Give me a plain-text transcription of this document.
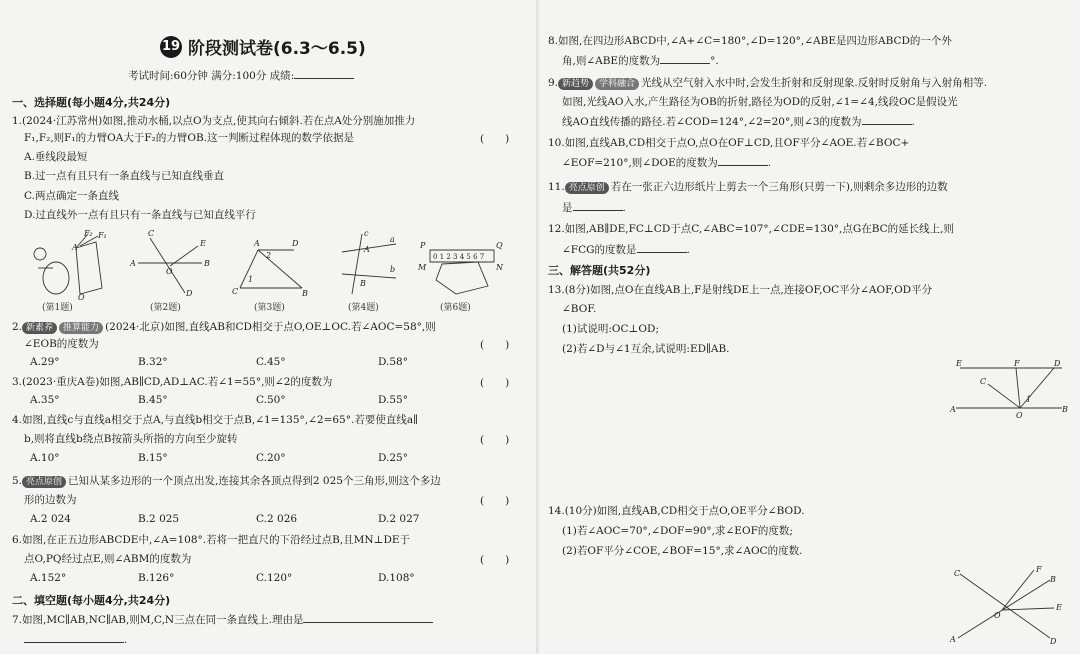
19 阶段测试卷(6.3～6.5)
考试时间:60分钟 满分:100分 成绩:
一、选择题(每小题4分,共24分)
1.(2024·江苏常州)如图,推动水桶,以点O为支点,使其向右倾斜.若在点A处分别施加推力
F₁,F₂,则F₁的力臂OA大于F₂的力臂OB.这一判断过程体现的数学依据是	(　　)
A.垂线段最短
B.过一点有且只有一条直线与已知直线垂直
C.两点确定一条直线
D.过直线外一点有且只有一条直线与已知直线平行
F₂ F₁
A
O
C
E
A	B
O
D
A	D
C	B
1
2
a
b
c
A
B
0 1 2 3 4 5 6 7
P	Q
M	N
(第1题)	(第2题)	(第3题)	(第4题)	(第6题)
2. 新素养 推算能力 (2024·北京)如图,直线AB和CD相交于点O,OE⊥OC.若∠AOC=58°,则
∠EOB的度数为	(　　)
A.29°	B.32°	C.45°	D.58°
3.(2023·重庆A卷)如图,AB∥CD,AD⊥AC.若∠1=55°,则∠2的度数为	(　　)
A.35°	B.45°	C.50°	D.55°
4.如图,直线c与直线a相交于点A,与直线b相交于点B,∠1=135°,∠2=65°.若要使直线a∥
b,则将直线b绕点B按箭头所指的方向至少旋转	(　　)
A.10°	B.15°	C.20°	D.25°
5. 亮点原创 已知从某多边形的一个顶点出发,连接其余各顶点得到2 025个三角形,则这个多边
形的边数为	(　　)
A.2 024	B.2 025	C.2 026	D.2 027
6.如图,在正五边形ABCDE中,∠A=108°.若将一把直尺的下沿经过点B,且MN⊥DE于
点O,PQ经过点E,则∠ABM的度数为	(　　)
A.152°	B.126°	C.120°	D.108°
二、填空题(每小题4分,共24分)
7.如图,MC∥AB,NC∥AB,则M,C,N三点在同一条直线上.理由是
.
8.如图,在四边形ABCD中,∠A+∠C=180°,∠D=120°,∠ABE是四边形ABCD的一个外
角,则∠ABE的度数为	°.
9. 新趋势 学科融合 光线从空气射入水中时,会发生折射和反射现象.反射时反射角与入射角相等.
如图,光线AO入水,产生路径为OB的折射,路径为OD的反射,∠1=∠4,线段OC是假设光
线AO直线传播的路径.若∠COD=124°,∠2=20°,则∠3的度数为	.
10.如图,直线AB,CD相交于点O,点O在OF⊥CD,且OF平分∠AOE.若∠BOC+
∠EOF=210°,则∠DOE的度数为	.
11. 亮点原创 若在一张正六边形纸片上剪去一个三角形(只剪一下),则剩余多边形的边数
是	.
12.如图,AB∥DE,FC⊥CD于点C,∠ABC=107°,∠CDE=130°,点G在BC的延长线上,则
∠FCG的度数是	.
三、解答题(共52分)
13.(8分)如图,点O在直线AB上,F是射线DE上一点,连接OF,OC平分∠AOF,OD平分
∠BOF.
(1)试说明:OC⊥OD;
(2)若∠D与∠1互余,试说明:ED∥AB.
E	F	D
C
1
A
O
B
14.(10分)如图,直线AB,CD相交于点O,OE平分∠BOD.
(1)若∠AOC=70°,∠DOF=90°,求∠EOF的度数;
(2)若OF平分∠COE,∠BOF=15°,求∠AOC的度数.
C	F
B
E
O
A	D
